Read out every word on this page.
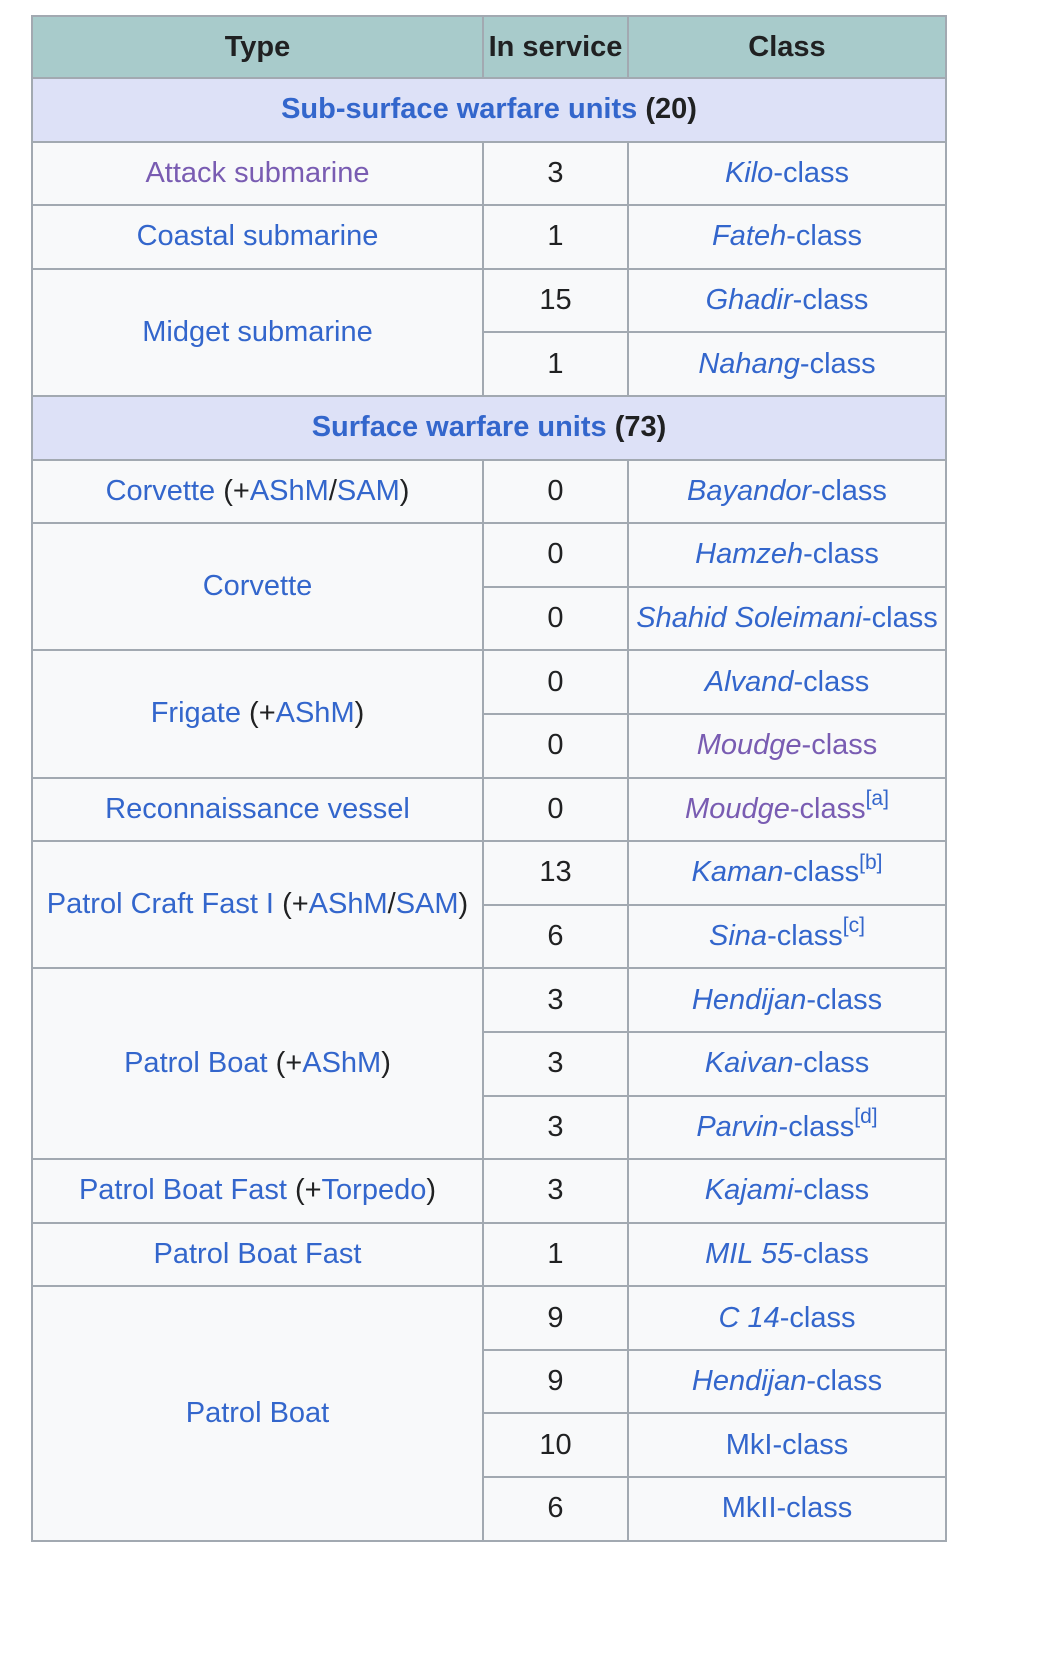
Type	In service	Class
Sub-surface warfare units (20)		
Attack submarine	3	Kilo-class
Coastal submarine	1	Fateh-class
Midget submarine	15	Ghadir-class
	1	Nahang-class
Surface warfare units (73)		
Corvette (+AShM/SAM)	0	Bayandor-class
Corvette	0	Hamzeh-class
	0	Shahid Soleimani-class
Frigate (+AShM)	0	Alvand-class
	0	Moudge-class
Reconnaissance vessel	0	Moudge-class[a]
Patrol Craft Fast I (+AShM/SAM)	13	Kaman-class[b]
	6	Sina-class[c]
Patrol Boat (+AShM)	3	Hendijan-class
	3	Kaivan-class
	3	Parvin-class[d]
Patrol Boat Fast (+Torpedo)	3	Kajami-class
Patrol Boat Fast	1	MIL 55-class
Patrol Boat	9	C 14-class
	9	Hendijan-class
	10	MkI-class
	6	MkII-class
